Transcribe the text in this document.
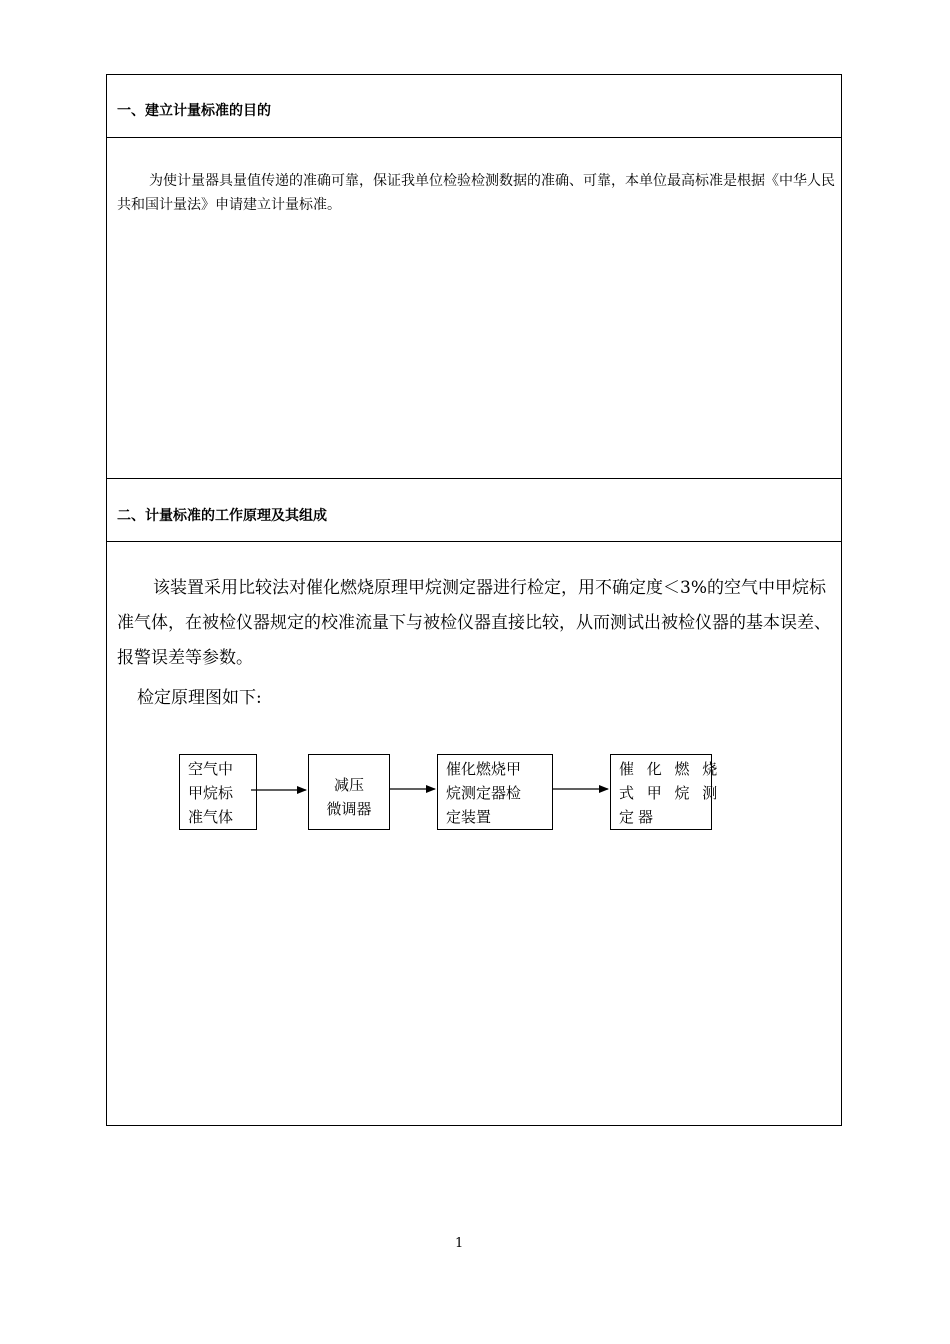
一、建立计量标准的目的

为使计量器具量值传递的准确可靠，保证我单位检验检测数据的准确、可靠，本单位最高标准是根据《中华人民共和国计量法》申请建立计量标准。

二、计量标准的工作原理及其组成

该装置采用比较法对催化燃烧原理甲烷测定器进行检定，用不确定度＜3%的空气中甲烷标准气体，在被检仪器规定的校准流量下与被检仪器直接比较，从而测试出被检仪器的基本误差、报警误差等参数。

检定原理图如下:
空气中
甲烷标
准气体
减压
微调器
催化燃烧甲
烷测定器检
定装置
催 化 燃 烧
式 甲 烷 测
定器
1
